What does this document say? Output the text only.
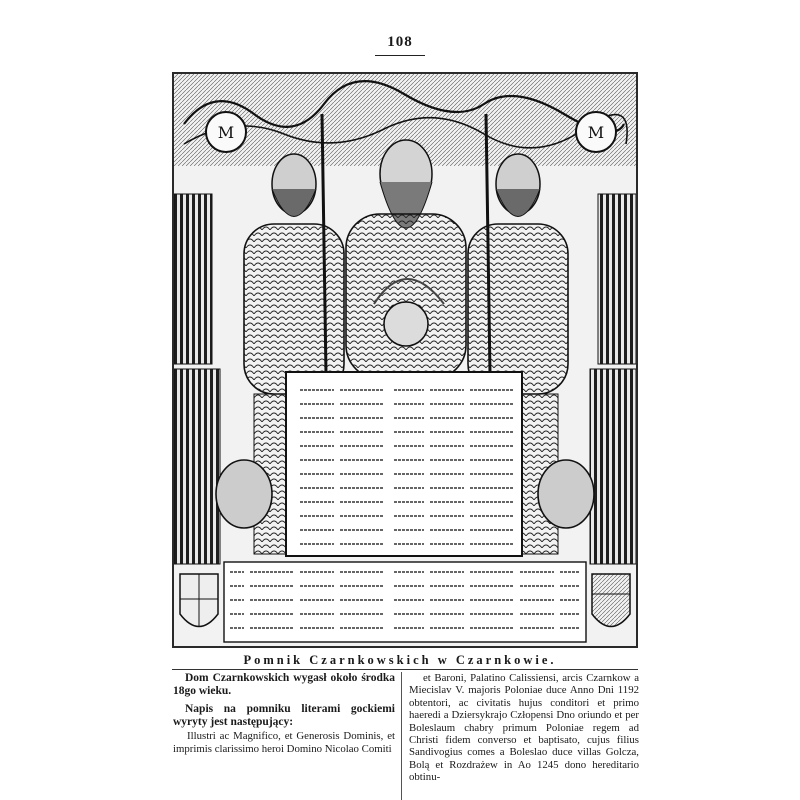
108
M	M
Pomnik Czarnkowskich w Czarnkowie.

Dom Czarnkowskich wygasł około środka 18go wieku.

Napis na pomniku literami gockiemi wyryty jest następujący:

Illustri ac Magnifico, et Generosis Dominis, et imprimis clarissimo heroi Domino Nicolao Comiti

et Baroni, Palatino Calissiensi, arcis Czarnkow a Miecislav V. majoris Poloniae duce Anno Dni 1192 obtentori, ac civitatis hujus conditori et primo haeredi a Dziersykrajo Człopensi Dno oriundo et per Boleslaum chabry primum Poloniae regem ad Christi fidem converso et baptisato, cujus filius Sandivogius comes a Boleslao duce villas Golcza, Bolą et Rozdrażew in Ao 1245 dono hereditario obtinu-
